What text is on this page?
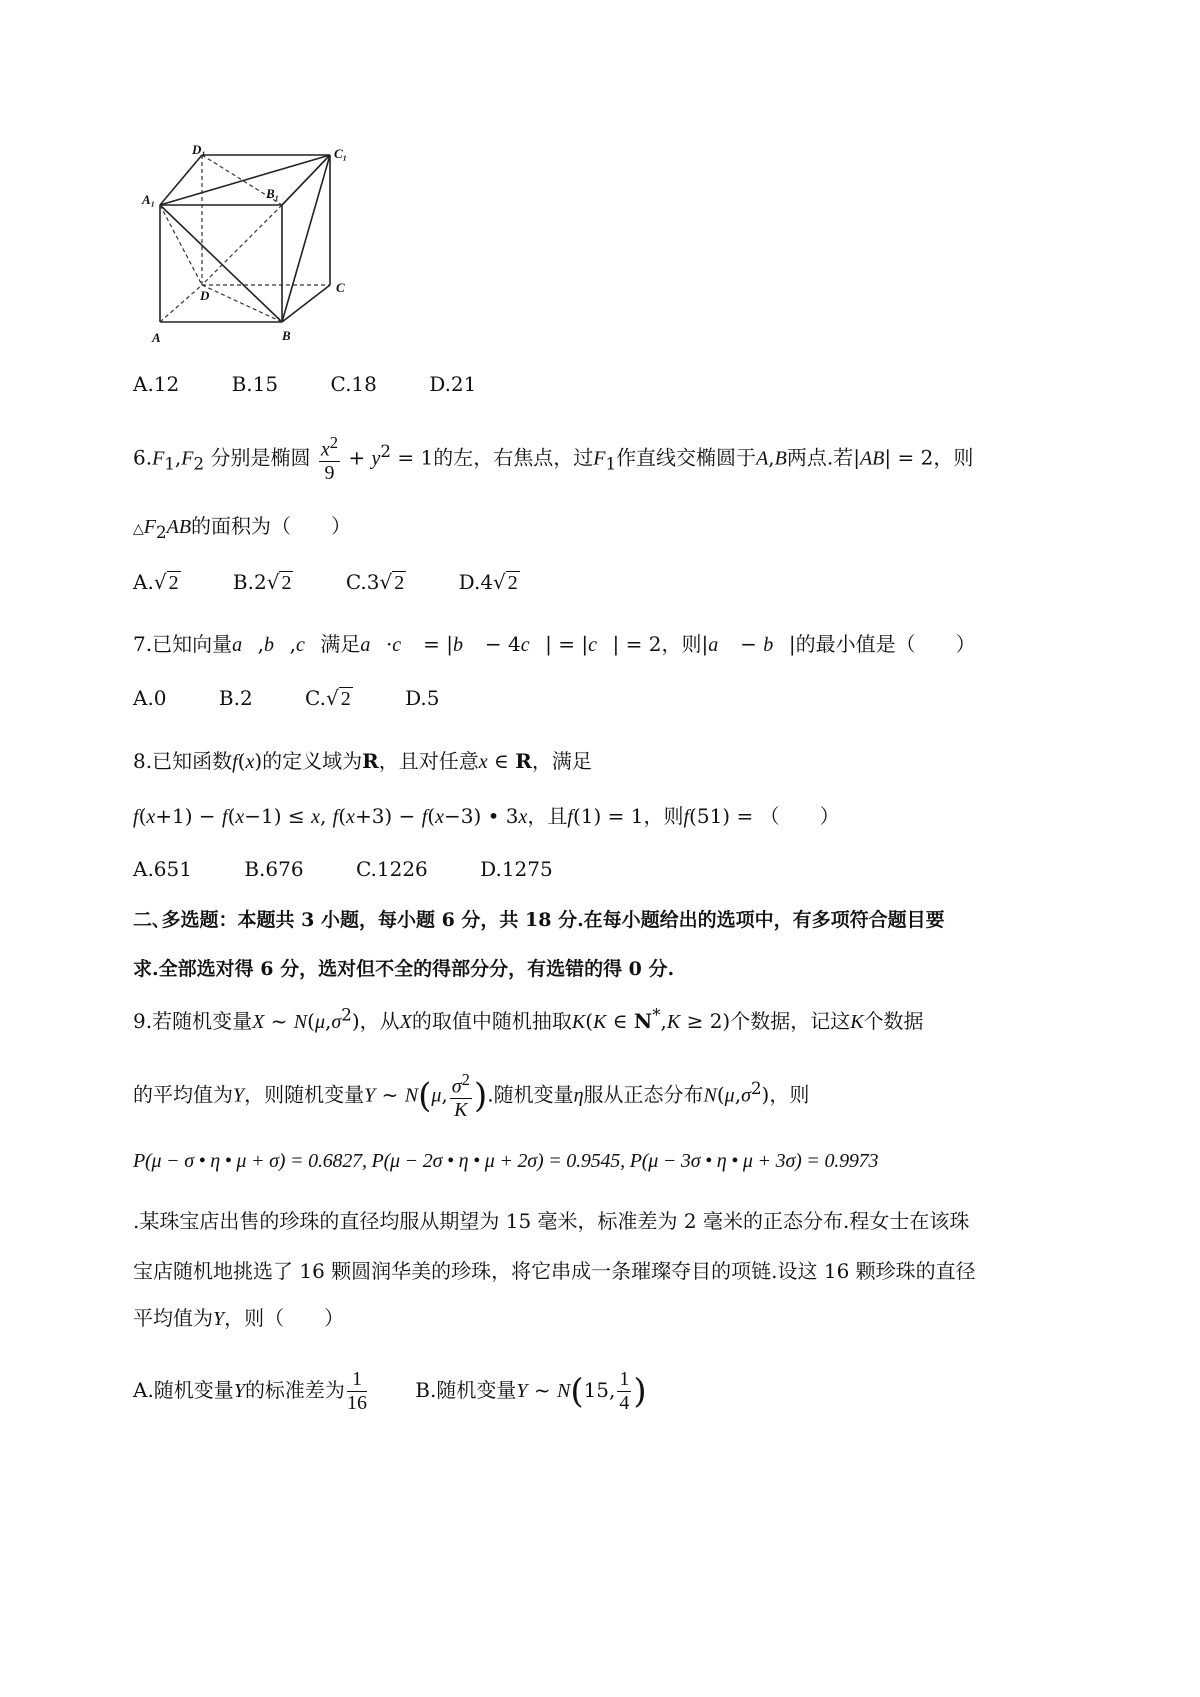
D₁	C₁
A₁	B₁
D
C
A	B
A.12	B.15	C.18	D.21
$6.F_1,F_2$ 分别是椭圆 $\frac{x^2}{9} + y^2 = 1$的左，右焦点，过$F_1$作直线交椭圆于A,B两点.若|AB| = 2，则
$\triangle F_2AB$的面积为（　　）
A.√ 2	B.2√ 2	C.3√ 2	D.4√ 2
7.已知向量a⃗,b⃗,c⃗满足a⃗·c⃗ = |b⃗ − 4c⃗| = |c⃗| = 2，则|a⃗ − b⃗|的最小值是（　　）
A.0	B.2	C.√ 2	D.5
8.已知函数f(x)的定义域为R，且对任意x ∈ R，满足
f(x+1) − f(x−1) ≤ x, f(x+3) − f(x−3) • 3x，且f(1) = 1，则f(51) = （　　）
A.651	B.676	C.1226	D.1275
二､多选题：本题共 3 小题，每小题 6 分，共 18 分.在每小题给出的选项中，有多项符合题目要
求.全部选对得 6 分，选对但不全的得部分分，有选错的得 0 分.
9.若随机变量X ~ $N(\mu,\sigma^2)$，从X的取值中随机抽取K(K ∈ N*,K ≥ 2)个数据，记这K个数据
的平均值为Y，则随机变量Y ~ N(μ, $\frac{\sigma^2}{K}$ ).随机变量η服从正态分布$N(\mu,\sigma^2)$，则
P(μ − σ • η • μ + σ) = 0.6827, P(μ − 2σ • η • μ + 2σ) = 0.9545, P(μ − 3σ • η • μ + 3σ) = 0.9973
.某珠宝店出售的珍珠的直径均服从期望为 15 毫米，标准差为 2 毫米的正态分布.程女士在该珠
宝店随机地挑选了 16 颗圆润华美的珍珠，将它串成一条璀璨夺目的项链.设这 16 颗珍珠的直径
平均值为Y，则（　　）
A.随机变量Y的标准差为 $\frac{1}{16} B$.随机变量Y ~ N(15, $\frac{1}{4}$ )
